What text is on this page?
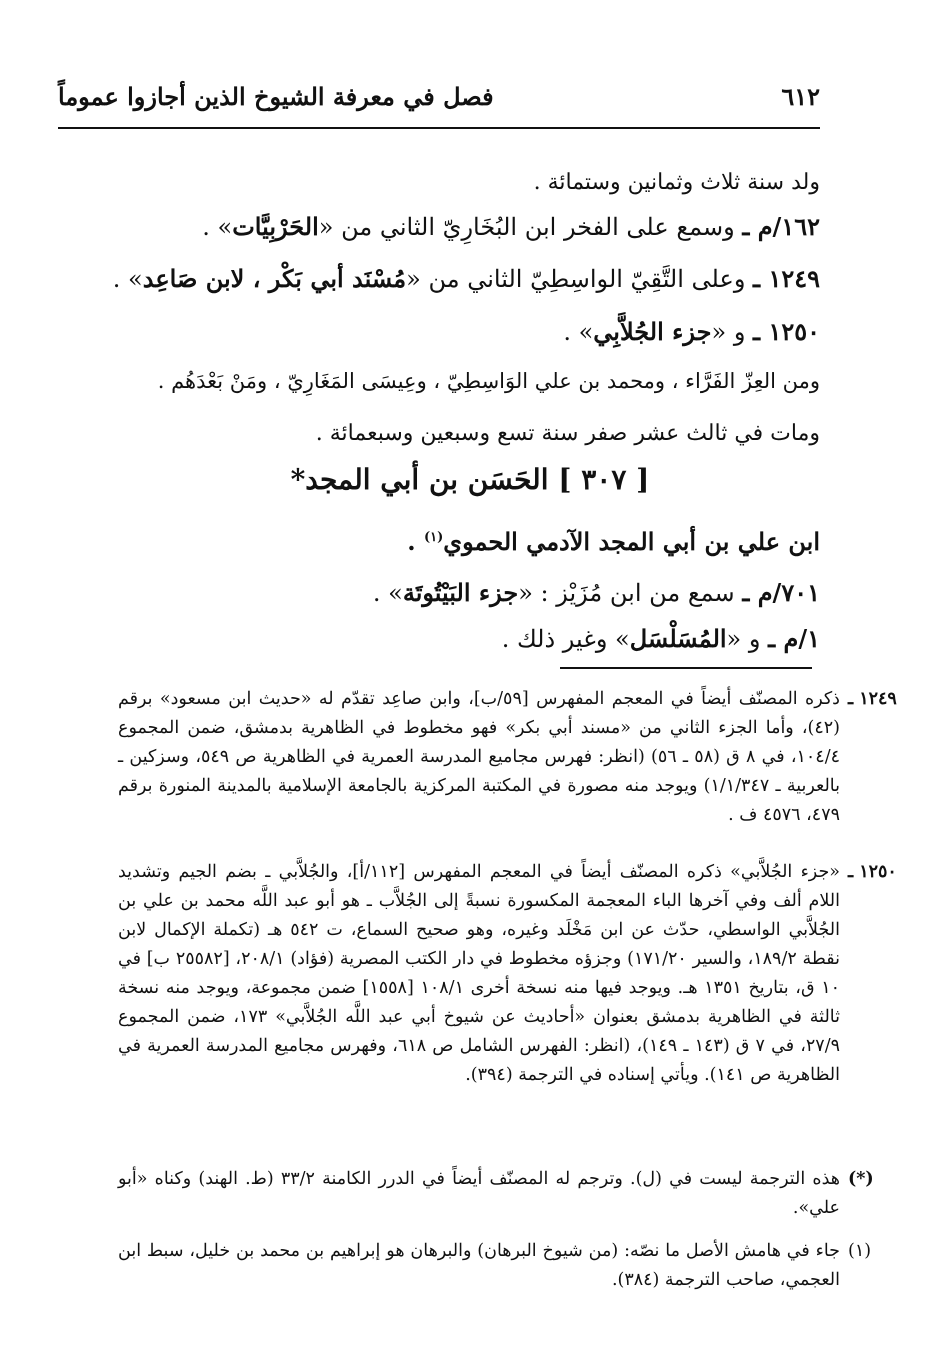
٦١٢
فصل في معرفة الشيوخ الذين أجازوا عموماً
ولد سنة ثلاث وثمانين وستمائة .
١٦٢/م ـ وسمع على الفخر ابن البُخَارِيّ الثاني من «الحَرْبِيَّات» .
١٢٤٩ ـ وعلى التَّقِيّ الواسِطِيّ الثاني من «مُسْنَد أبي بَكْر ، لابن صَاعِد» .
١٢٥٠ ـ و «جزء الجُلاَّبِي» .
ومن العِزّ الفَرَّاء ، ومحمد بن علي الوَاسِطِيّ ، وعِيسَى المَغَارِيّ ، ومَنْ بَعْدَهُم .
ومات في ثالث عشر صفر سنة تسع وسبعين وسبعمائة .
[ ٣٠٧ ] الحَسَن بن أبي المجد*
ابن علي بن أبي المجد الآدمي الحموي$^{(١)}$ .
٧٠١/م ـ سمع من ابن مُزَيْز : «جزء البَيْتُوتَة» .
١/م ـ و «المُسَلْسَل» وغير ذلك .
١٢٤٩ ـ
ذكره المصنّف أيضاً في المعجم المفهرس [٥٩/ب]، وابن صاعِد تقدّم له «حديث ابن مسعود» برقم (٤٢)، وأما الجزء الثاني من «مسند أبي بكر» فهو مخطوط في الظاهرية بدمشق، ضمن المجموع ١٠٤/٤، في ٨ ق (٥٨ ـ ٥٦) (انظر: فهرس مجاميع المدرسة العمرية في الظاهرية ص ٥٤٩، وسزكين ـ بالعربية ـ ١/١/٣٤٧) ويوجد منه مصورة في المكتبة المركزية بالجامعة الإسلامية بالمدينة المنورة برقم ٤٧٩، ٤٥٧٦ ف .
١٢٥٠ ـ
«جزء الجُلاَّبي» ذكره المصنّف أيضاً في المعجم المفهرس [١١٢/أ]، والجُلاَّبي ـ بضم الجيم وتشديد اللام ألف وفي آخرها الباء المعجمة المكسورة نسبةً إلى الجُلاَّب ـ هو أبو عبد اللَّه محمد بن علي بن الجُلاَّبي الواسطي، حدّث عن ابن مَخْلَد وغيره، وهو صحيح السماع، ت ٥٤٢ هـ (تكملة الإكمال لابن نقطة ١٨٩/٢، والسير ١٧١/٢٠) وجزؤه مخطوط في دار الكتب المصرية (فؤاد) ٢٠٨/١، [٢٥٥٨٢ ب] في ١٠ ق، بتاريخ ١٣٥١ هـ. ويوجد فيها منه نسخة أخرى ١٠٨/١ [١٥٥٨] ضمن مجموعة، ويوجد منه نسخة ثالثة في الظاهرية بدمشق بعنوان «أحاديث عن شيوخ أبي عبد اللَّه الجُلاَّبي» ١٧٣، ضمن المجموع ٢٧/٩، في ٧ ق (١٤٣ ـ ١٤٩)، (انظر: الفهرس الشامل ص ٦١٨، وفهرس مجاميع المدرسة العمرية في الظاهرية ص ١٤١). ويأتي إسناده في الترجمة (٣٩٤).
(*)
هذه الترجمة ليست في (ل). وترجم له المصنّف أيضاً في الدرر الكامنة ٣٣/٢ (ط. الهند) وكناه «أبو علي».
(١)
جاء في هامش الأصل ما نصّه: (من شيوخ البرهان) والبرهان هو إبراهيم بن محمد بن خليل، سبط ابن العجمي، صاحب الترجمة (٣٨٤).
